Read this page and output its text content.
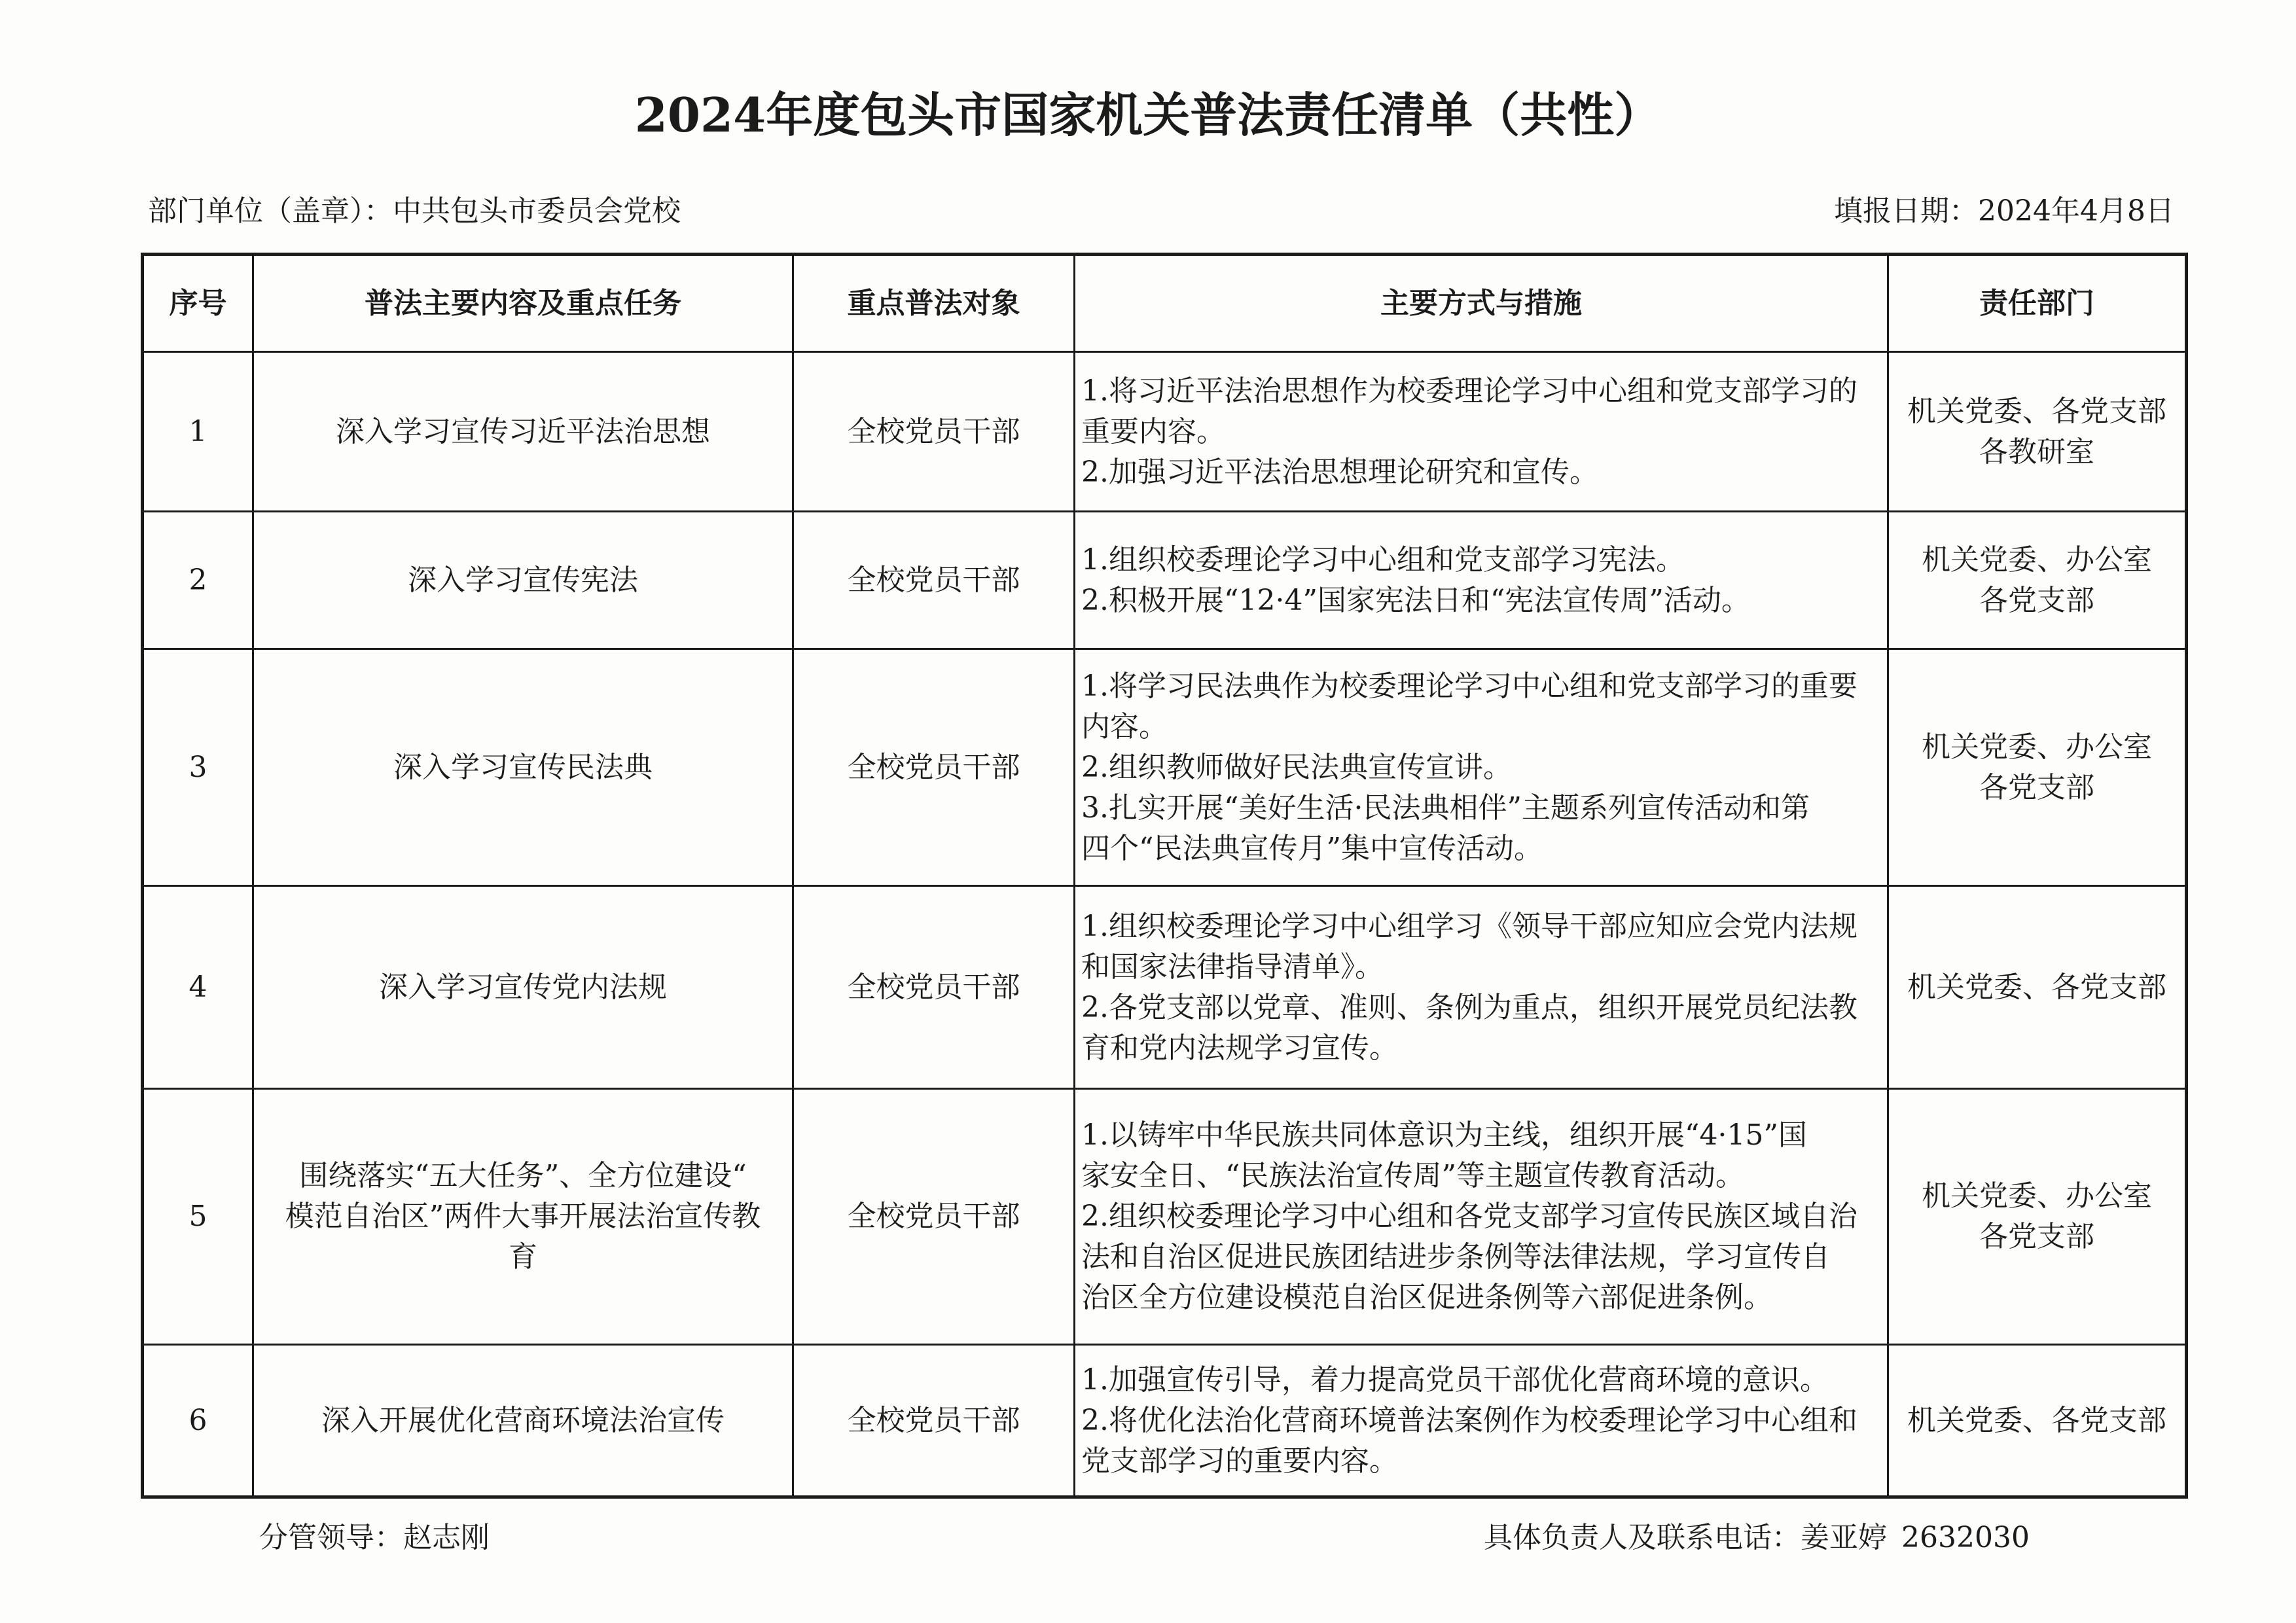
2024年度包头市国家机关普法责任清单（共性）
部门单位（盖章）：中共包头市委员会党校	填报日期：2024年4月8日
序号	普法主要内容及重点任务	重点普法对象	主要方式与措施	责任部门
1	深入学习宣传习近平法治思想	全校党员干部	1.将习近平法治思想作为校委理论学习中心组和党支部学习的
重要内容。
2.加强习近平法治思想理论研究和宣传。	机关党委、各党支部
各教研室

2	深入学习宣传宪法	全校党员干部	1.组织校委理论学习中心组和党支部学习宪法。
2.积极开展“12·4”国家宪法日和“宪法宣传周”活动。	机关党委、办公室
各党支部

3	深入学习宣传民法典	全校党员干部	1.将学习民法典作为校委理论学习中心组和党支部学习的重要
内容。
2.组织教师做好民法典宣传宣讲。
3.扎实开展“美好生活·民法典相伴”主题系列宣传活动和第
四个“民法典宣传月”集中宣传活动。	机关党委、办公室
各党支部

4	深入学习宣传党内法规	全校党员干部	1.组织校委理论学习中心组学习《领导干部应知应会党内法规
和国家法律指导清单》。
2.各党支部以党章、准则、条例为重点，组织开展党员纪法教
育和党内法规学习宣传。	机关党委、各党支部

5	围绕落实“五大任务”、全方位建设“
模范自治区”两件大事开展法治宣传教
育	全校党员干部	1.以铸牢中华民族共同体意识为主线，组织开展“4·15”国
家安全日、“民族法治宣传周”等主题宣传教育活动。
2.组织校委理论学习中心组和各党支部学习宣传民族区域自治
法和自治区促进民族团结进步条例等法律法规，学习宣传自
治区全方位建设模范自治区促进条例等六部促进条例。	机关党委、办公室
各党支部

6	深入开展优化营商环境法治宣传	全校党员干部	1.加强宣传引导，着力提高党员干部优化营商环境的意识。
2.将优化法治化营商环境普法案例作为校委理论学习中心组和
党支部学习的重要内容。	机关党委、各党支部
分管领导：赵志刚	具体负责人及联系电话：姜亚婷 2632030
